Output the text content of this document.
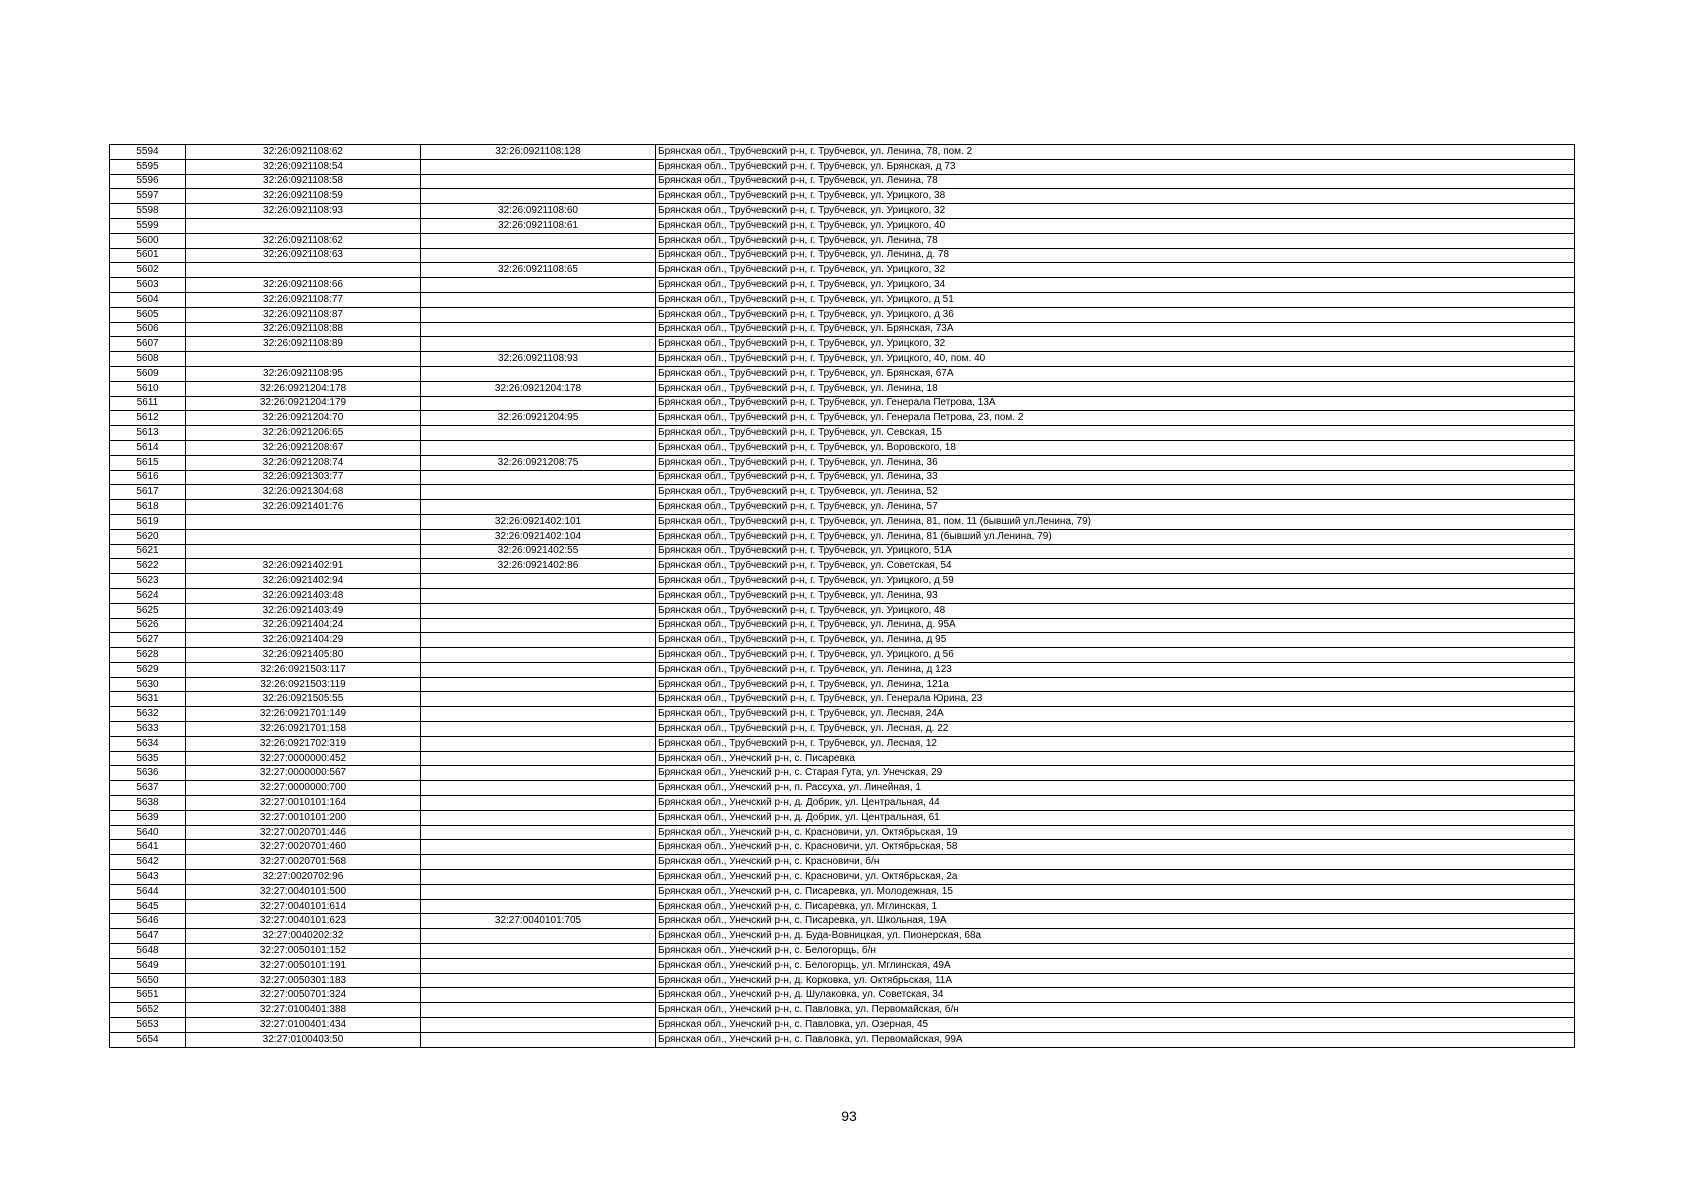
5594	32:26:0921108:62	32:26:0921108:128	Брянская обл., Трубчевский р-н, г. Трубчевск, ул. Ленина, 78, пом. 2
5595	32:26:0921108:54		Брянская обл., Трубчевский р-н, г. Трубчевск, ул. Брянская, д 73
5596	32:26:0921108:58		Брянская обл., Трубчевский р-н, г. Трубчевск, ул. Ленина, 78
5597	32:26:0921108:59		Брянская обл., Трубчевский р-н, г. Трубчевск, ул. Урицкого, 38
5598	32:26:0921108:93	32:26:0921108:60	Брянская обл., Трубчевский р-н, г. Трубчевск, ул. Урицкого, 32
5599		32:26:0921108:61	Брянская обл., Трубчевский р-н, г. Трубчевск, ул. Урицкого, 40
5600	32:26:0921108:62		Брянская обл., Трубчевский р-н, г. Трубчевск, ул. Ленина, 78
5601	32:26:0921108:63		Брянская обл., Трубчевский р-н, г. Трубчевск, ул. Ленина, д. 78
5602		32:26:0921108:65	Брянская обл., Трубчевский р-н, г. Трубчевск, ул. Урицкого, 32
5603	32:26:0921108:66		Брянская обл., Трубчевский р-н, г. Трубчевск, ул. Урицкого, 34
5604	32:26:0921108:77		Брянская обл., Трубчевский р-н, г. Трубчевск, ул. Урицкого, д 51
5605	32:26:0921108:87		Брянская обл., Трубчевский р-н, г. Трубчевск, ул. Урицкого, д 36
5606	32:26:0921108:88		Брянская обл., Трубчевский р-н, г. Трубчевск, ул. Брянская, 73А
5607	32:26:0921108:89		Брянская обл., Трубчевский р-н, г. Трубчевск, ул. Урицкого, 32
5608		32:26:0921108:93	Брянская обл., Трубчевский р-н, г. Трубчевск, ул. Урицкого, 40, пом. 40
5609	32:26:0921108:95		Брянская обл., Трубчевский р-н, г. Трубчевск, ул. Брянская, 67А
5610	32:26:0921204:178	32:26:0921204:178	Брянская обл., Трубчевский р-н, г. Трубчевск, ул. Ленина, 18
5611	32:26:0921204:179		Брянская обл., Трубчевский р-н, г. Трубчевск, ул. Генерала Петрова, 13А
5612	32:26:0921204:70	32:26:0921204:95	Брянская обл., Трубчевский р-н, г. Трубчевск, ул. Генерала Петрова, 23, пом. 2
5613	32:26:0921206:65		Брянская обл., Трубчевский р-н, г. Трубчевск, ул. Севская, 15
5614	32:26:0921208:67		Брянская обл., Трубчевский р-н, г. Трубчевск, ул. Воровского, 18
5615	32:26:0921208:74	32:26:0921208:75	Брянская обл., Трубчевский р-н, г. Трубчевск, ул. Ленина, 36
5616	32:26:0921303:77		Брянская обл., Трубчевский р-н, г. Трубчевск, ул. Ленина, 33
5617	32:26:0921304:68		Брянская обл., Трубчевский р-н, г. Трубчевск, ул. Ленина, 52
5618	32:26:0921401:76		Брянская обл., Трубчевский р-н, г. Трубчевск, ул. Ленина, 57
5619		32:26:0921402:101	Брянская обл., Трубчевский р-н, г. Трубчевск, ул. Ленина, 81, пом. 11 (бывший ул.Ленина, 79)
5620		32:26:0921402:104	Брянская обл., Трубчевский р-н, г. Трубчевск, ул. Ленина, 81 (бывший ул.Ленина, 79)
5621		32:26:0921402:55	Брянская обл., Трубчевский р-н, г. Трубчевск, ул. Урицкого, 51А
5622	32:26:0921402:91	32:26:0921402:86	Брянская обл., Трубчевский р-н, г. Трубчевск, ул. Советская, 54
5623	32:26:0921402:94		Брянская обл., Трубчевский р-н, г. Трубчевск, ул. Урицкого, д 59
5624	32:26:0921403:48		Брянская обл., Трубчевский р-н, г. Трубчевск, ул. Ленина, 93
5625	32:26:0921403:49		Брянская обл., Трубчевский р-н, г. Трубчевск, ул. Урицкого, 48
5626	32:26:0921404:24		Брянская обл., Трубчевский р-н, г. Трубчевск, ул. Ленина, д. 95А
5627	32:26:0921404:29		Брянская обл., Трубчевский р-н, г. Трубчевск, ул. Ленина, д 95
5628	32:26:0921405:80		Брянская обл., Трубчевский р-н, г. Трубчевск, ул. Урицкого, д 56
5629	32:26:0921503:117		Брянская обл., Трубчевский р-н, г. Трубчевск, ул. Ленина, д 123
5630	32:26:0921503:119		Брянская обл., Трубчевский р-н, г. Трубчевск, ул. Ленина, 121а
5631	32:26:0921505:55		Брянская обл., Трубчевский р-н, г. Трубчевск, ул. Генерала Юрина, 23
5632	32:26:0921701:149		Брянская обл., Трубчевский р-н, г. Трубчевск, ул. Лесная, 24А
5633	32:26:0921701:158		Брянская обл., Трубчевский р-н, г. Трубчевск, ул. Лесная, д. 22
5634	32:26:0921702:319		Брянская обл., Трубчевский р-н, г. Трубчевск, ул. Лесная, 12
5635	32:27:0000000:452		Брянская обл., Унечский р-н, с. Писаревка
5636	32:27:0000000:567		Брянская обл., Унечский р-н, с. Старая Гута, ул. Унечская, 29
5637	32:27:0000000:700		Брянская обл., Унечский р-н, п. Рассуха, ул. Линейная, 1
5638	32:27:0010101:164		Брянская обл., Унечский р-н, д. Добрик, ул. Центральная, 44
5639	32:27:0010101:200		Брянская обл., Унечский р-н, д. Добрик, ул. Центральная, 61
5640	32:27:0020701:446		Брянская обл., Унечский р-н, с. Красновичи, ул. Октябрьская, 19
5641	32:27:0020701:460		Брянская обл., Унечский р-н, с. Красновичи, ул. Октябрьская, 58
5642	32:27:0020701:568		Брянская обл., Унечский р-н, с. Красновичи, б/н
5643	32:27:0020702:96		Брянская обл., Унечский р-н, с. Красновичи, ул. Октябрьская, 2а
5644	32:27:0040101:500		Брянская обл., Унечский р-н, с. Писаревка, ул. Молодежная, 15
5645	32:27:0040101:614		Брянская обл., Унечский р-н, с. Писаревка, ул. Мглинская, 1
5646	32:27:0040101:623	32:27:0040101:705	Брянская обл., Унечский р-н, с. Писаревка, ул. Школьная, 19А
5647	32:27:0040202:32		Брянская обл., Унечский р-н, д. Буда-Вовницкая, ул. Пионерская, 68а
5648	32:27:0050101:152		Брянская обл., Унечский р-н, с. Белогорщь, б/н
5649	32:27:0050101:191		Брянская обл., Унечский р-н, с. Белогорщь, ул. Мглинская, 49А
5650	32:27:0050301:183		Брянская обл., Унечский р-н, д. Корковка, ул. Октябрьская, 11А
5651	32:27:0050701:324		Брянская обл., Унечский р-н, д. Шулаковка, ул. Советская, 34
5652	32:27:0100401:388		Брянская обл., Унечский р-н, с. Павловка, ул. Первомайская, б/н
5653	32:27:0100401:434		Брянская обл., Унечский р-н, с. Павловка, ул. Озерная, 45
5654	32:27:0100403:50		Брянская обл., Унечский р-н, с. Павловка, ул. Первомайская, 99А
93
